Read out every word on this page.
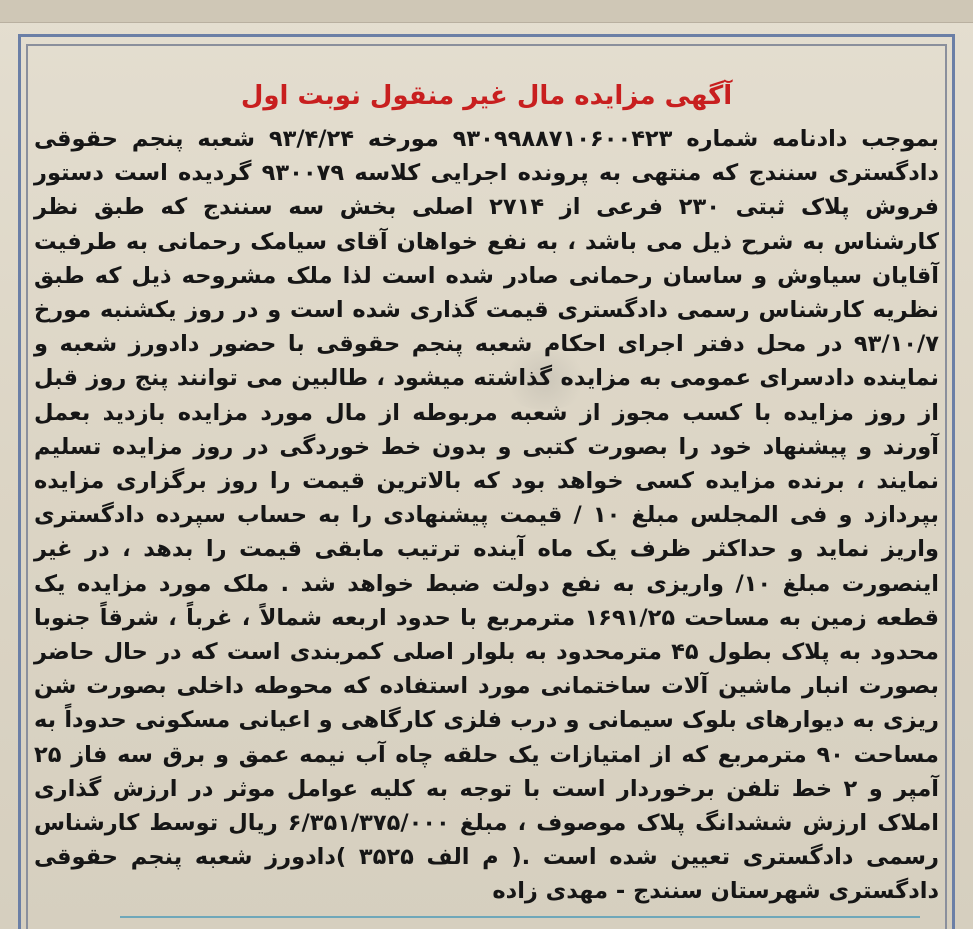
آگهی مزایده مال غیر منقول نوبت اول
بموجب دادنامه شماره ۹۳۰۹۹۸۸۷۱۰۶۰۰۴۲۳ مورخه ۹۳/۴/۲۴ شعبه پنجم حقوقی دادگستری سنندج که منتهی به پرونده اجرایی کلاسه ۹۳۰۰۷۹ گردیده است دستور فروش پلاک ثبتی ۲۳۰ فرعی از ۲۷۱۴ اصلی بخش سه سنندج که طبق نظر کارشناس به شرح ذیل می باشد ، به نفع خواهان آقای سیامک رحمانی به طرفیت آقایان سیاوش و ساسان رحمانی صادر شده است لذا ملک مشروحه ذیل که طبق نظریه کارشناس رسمی دادگستری قیمت گذاری شده است و در روز یکشنبه مورخ ۹۳/۱۰/۷ در محل دفتر اجرای احکام شعبه پنجم حقوقی با حضور دادورز شعبه و نماینده دادسرای عمومی به مزایده گذاشته میشود ، طالبین می توانند پنج روز قبل از روز مزایده با کسب مجوز از شعبه مربوطه از مال مورد مزایده بازدید بعمل آورند و پیشنهاد خود را بصورت کتبی و بدون خط خوردگی در روز مزایده تسلیم نمایند ، برنده مزایده کسی خواهد بود که بالاترین قیمت را روز برگزاری مزایده بپردازد و فی المجلس مبلغ ۱۰ / قیمت پیشنهادی را به حساب سپرده دادگستری واریز نماید و حداکثر ظرف یک ماه آینده ترتیب مابقی قیمت را بدهد ، در غیر اینصورت مبلغ ۱۰/ واریزی به نفع دولت ضبط خواهد شد . ملک مورد مزایده یک قطعه زمین به مساحت ۱۶۹۱/۲۵ مترمربع با حدود اربعه شمالاً ، غرباً ، شرقاً جنوبا محدود به پلاک بطول ۴۵ مترمحدود به بلوار اصلی کمربندی است که در حال حاضر بصورت انبار ماشین آلات ساختمانی مورد استفاده که محوطه داخلی بصورت شن ریزی به دیوارهای بلوک سیمانی و درب فلزی کارگاهی و اعیانی مسکونی حدوداً به مساحت ۹۰ مترمربع که از امتیازات یک حلقه چاه آب نیمه عمق و برق سه فاز ۲۵ آمپر و ۲ خط تلفن برخوردار است با توجه به کلیه عوامل موثر در ارزش گذاری املاک ارزش ششدانگ پلاک موصوف ، مبلغ ۶/۳۵۱/۳۷۵/۰۰۰ ریال توسط کارشناس رسمی دادگستری تعیین شده است .( م الف ۳۵۲۵ )دادورز شعبه پنجم حقوقی دادگستری شهرستان سنندج - مهدی زاده
